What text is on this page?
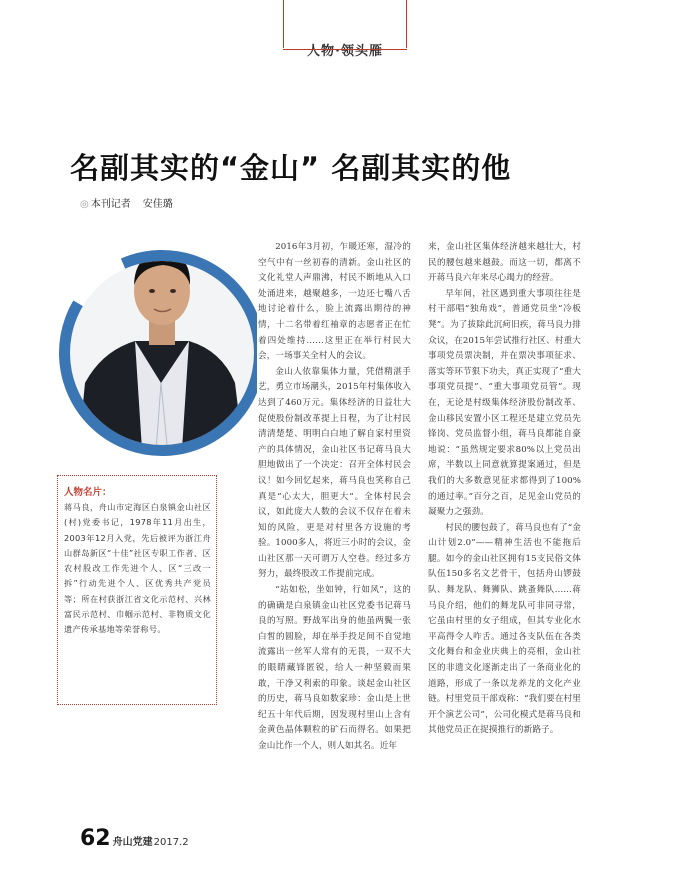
人物·领头雁
名副其实的“金山” 名副其实的他
◎ 本刊记者 安佳璐
人物名片：
蒋马良，舟山市定海区白泉镇金山社区(村)党委书记，1978年11月出生，2003年12月入党，先后被评为浙江舟山群岛新区“十佳”社区专职工作者、区农村股改工作先进个人、区“三改一拆”行动先进个人、区优秀共产党员等；所在村获浙江省文化示范村、兴林富民示范村、巾帼示范村、非物质文化遗产传承基地等荣誉称号。

2016年3月初，乍暖还寒，湿冷的空气中有一丝初春的清新。金山社区的文化礼堂人声鼎沸，村民不断地从入口处涌进来，越聚越多，一边还七嘴八舌地讨论着什么，脸上流露出期待的神情，十二名带着红袖章的志愿者正在忙着四处维持……这里正在举行村民大会，一场事关全村人的会议。

金山人依靠集体力量，凭借精湛手艺，勇立市场潮头，2015年村集体收入达到了460万元。集体经济的日益壮大促使股份制改革提上日程，为了让村民清清楚楚、明明白白地了解自家村里资产的具体情况，金山社区书记蒋马良大胆地做出了一个决定：召开全体村民会议！如今回忆起来，蒋马良也笑称自己真是“心太大，胆更大”。全体村民会议，如此庞大人数的会议不仅存在着未知的风险，更是对村里各方设施的考验。1000多人，将近三小时的会议，金山社区那一天可谓万人空巷。经过多方努力，最终股改工作提前完成。

“站如松，坐如钟，行如风”，这的的确确是白泉镇金山社区党委书记蒋马良的写照。野战军出身的他虽两鬓一张白皙的圆脸，却在举手投足间不自觉地流露出一丝军人常有的无畏，一双不大的眼睛藏锋匿锐，给人一种坚毅而果敢，干净又利索的印象。谈起金山社区的历史，蒋马良如数家珍：金山是上世纪五十年代后期，因发现村里山上含有金黄色晶体颗粒的矿石而得名。如果把金山比作一个人，则人如其名。近年

来，金山社区集体经济越来越壮大，村民的腰包越来越鼓。而这一切，都离不开蒋马良六年来尽心竭力的经营。

早年间，社区遇到重大事项往往是村干部唱“独角戏”，普通党员坐“冷板凳”。为了拔除此沉疴旧疾，蒋马良力排众议，在2015年尝试推行社区、村重大事项党员票决制，并在票决事项征求、落实等环节狠下功夫，真正实现了“重大事项党员提”、“重大事项党员管”。现在，无论是村级集体经济股份制改革、金山移民安置小区工程还是建立党员先锋岗、党员监督小组，蒋马良都能自豪地说：“虽然规定要求80%以上党员出席，半数以上同意就算提案通过，但是我们的大多数意见征求都得到了100%的通过率。”百分之百，足见金山党员的凝聚力之强劲。

村民的腰包鼓了，蒋马良也有了“金山计划2.0”——精神生活也不能拖后腿。如今的金山社区拥有15支民俗文体队伍150多名文艺骨干，包括舟山锣鼓队、舞龙队、舞狮队、跳蚤舞队……蒋马良介绍，他们的舞龙队可非同寻常，它虽由村里的女子组成，但其专业化水平高得令人咋舌。通过各支队伍在各类文化舞台和金业庆典上的亮相，金山社区的非遗文化逐渐走出了一条商业化的道路，形成了一条以龙养龙的文化产业链。村里党员干部戏称：“我们要在村里开个演艺公司”，公司化模式是蒋马良和其他党员正在捉摸推行的新路子。

62 舟山党建2017.2
